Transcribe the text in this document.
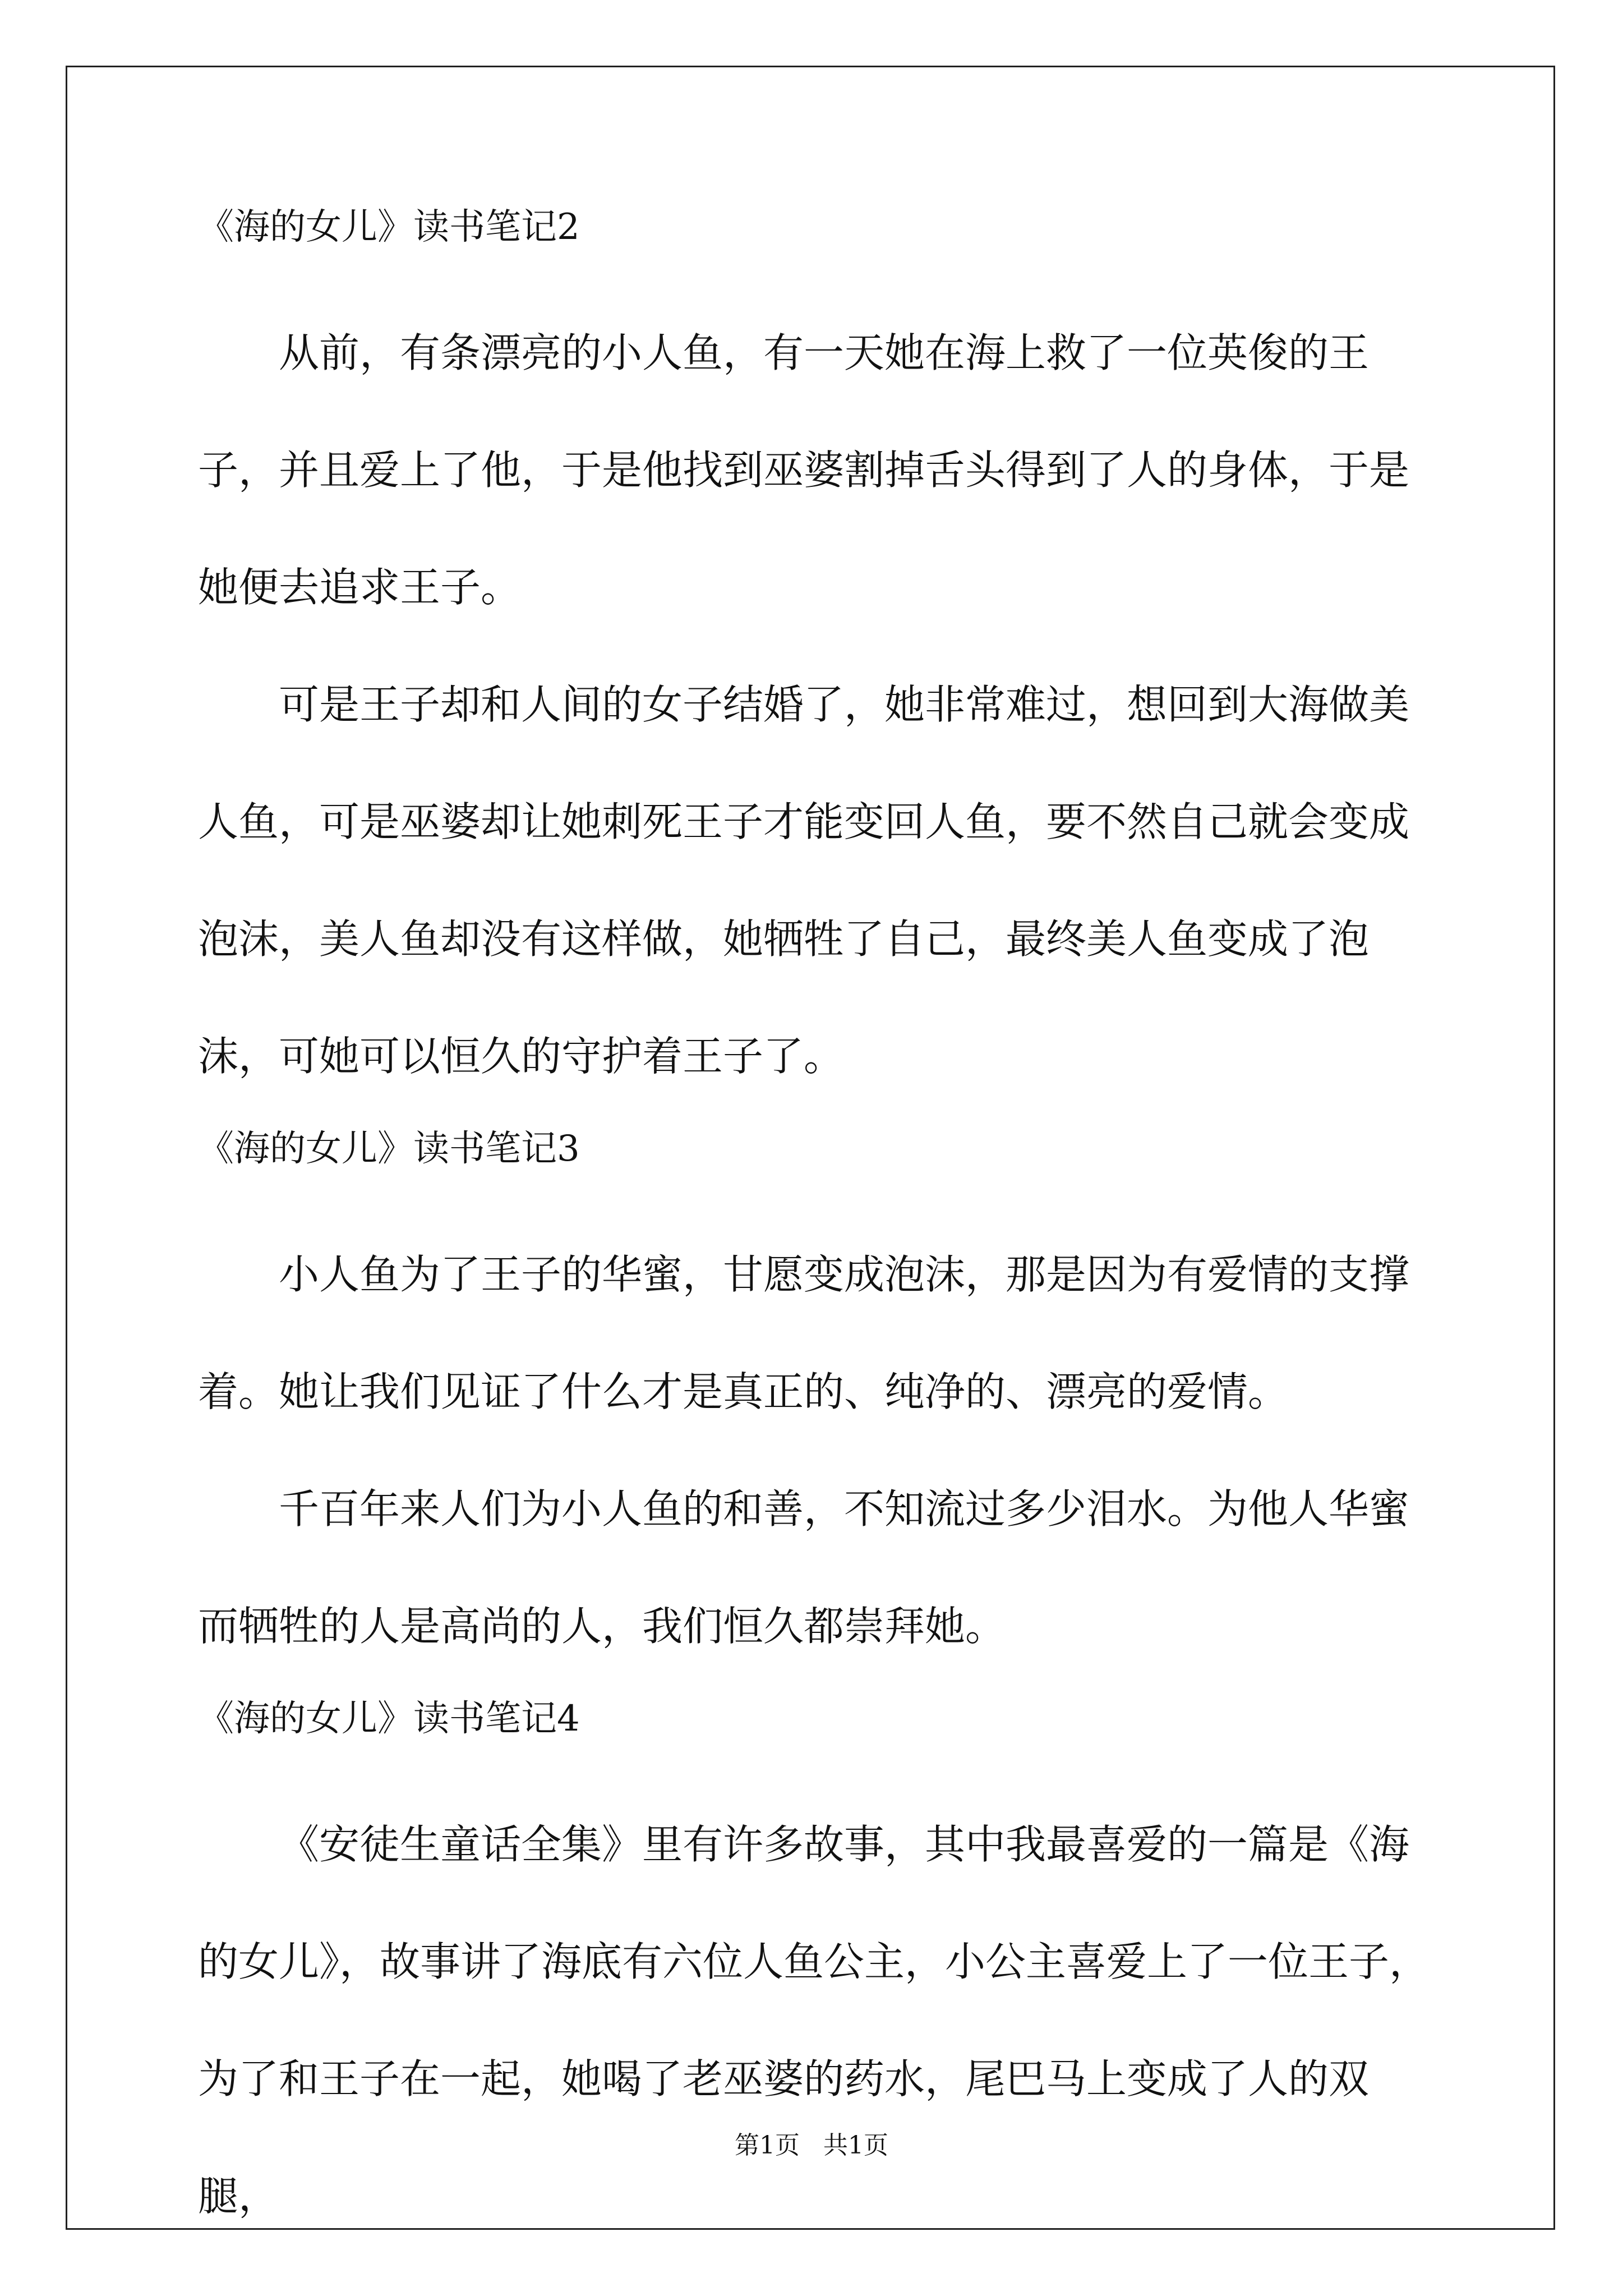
《海的女儿》读书笔记2

从前，有条漂亮的小人鱼，有一天她在海上救了一位英俊的王子，并且爱上了他，于是他找到巫婆割掉舌头得到了人的身体，于是她便去追求王子。

可是王子却和人间的女子结婚了，她非常难过，想回到大海做美人鱼，可是巫婆却让她刺死王子才能变回人鱼，要不然自己就会变成泡沫，美人鱼却没有这样做，她牺牲了自己，最终美人鱼变成了泡沫，可她可以恒久的守护着王子了。

《海的女儿》读书笔记3

小人鱼为了王子的华蜜，甘愿变成泡沫，那是因为有爱情的支撑着。她让我们见证了什么才是真正的、纯净的、漂亮的爱情。

千百年来人们为小人鱼的和善，不知流过多少泪水。为他人华蜜而牺牲的人是高尚的人，我们恒久都崇拜她。

《海的女儿》读书笔记4

《安徒生童话全集》里有许多故事，其中我最喜爱的一篇是《海的女儿》，故事讲了海底有六位人鱼公主，小公主喜爱上了一位王子，为了和王子在一起，她喝了老巫婆的药水，尾巴马上变成了人的双腿，

第1页   共1页
